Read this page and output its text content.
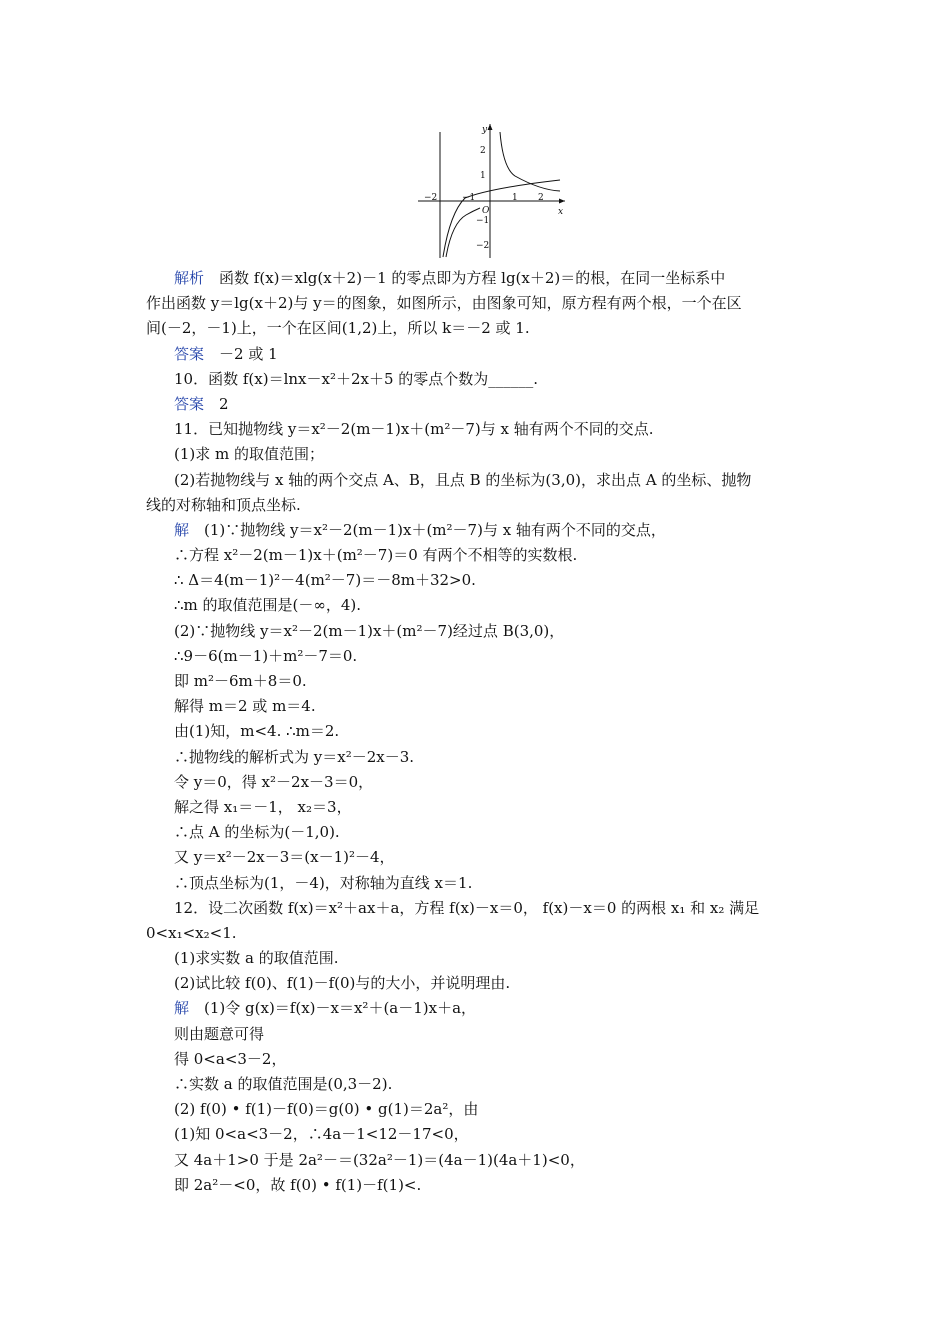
−2	−1	1 2
x
y
2
1
−1
−2
O
解析　函数 f(x)＝xlg(x＋2)－1 的零点即为方程 lg(x＋2)＝的根，在同一坐标系中
作出函数 y＝lg(x＋2)与 y＝的图象，如图所示，由图象可知，原方程有两个根，一个在区
间(－2，－1)上，一个在区间(1,2)上，所以 k＝－2 或 1.
答案　－2 或 1
10．函数 f(x)＝lnx－x²＋2x＋5 的零点个数为______.
答案　2
11．已知抛物线 y＝x²－2(m－1)x＋(m²－7)与 x 轴有两个不同的交点.
(1)求 m 的取值范围；
(2)若抛物线与 x 轴的两个交点 A、B，且点 B 的坐标为(3,0)，求出点 A 的坐标、抛物
线的对称轴和顶点坐标.
解　(1)∵抛物线 y＝x²－2(m－1)x＋(m²－7)与 x 轴有两个不同的交点，
∴方程 x²－2(m－1)x＋(m²－7)＝0 有两个不相等的实数根.
∴ Δ＝4(m－1)²－4(m²－7)＝－8m＋32>0.
∴m 的取值范围是(－∞，4).
(2)∵抛物线 y＝x²－2(m－1)x＋(m²－7)经过点 B(3,0)，
∴9－6(m－1)＋m²－7＝0.
即 m²－6m＋8＝0.
解得 m＝2 或 m＝4.
由(1)知，m<4. ∴m＝2.
∴抛物线的解析式为 y＝x²－2x－3.
令 y＝0，得 x²－2x－3＝0，
解之得 x₁＝－1， x₂＝3，
∴点 A 的坐标为(－1,0).
又 y＝x²－2x－3＝(x－1)²－4，
∴顶点坐标为(1，－4)，对称轴为直线 x＝1.
12．设二次函数 f(x)＝x²＋ax＋a，方程 f(x)－x＝0， f(x)－x＝0 的两根 x₁ 和 x₂ 满足
0<x₁<x₂<1.
(1)求实数 a 的取值范围.
(2)试比较 f(0)、f(1)－f(0)与的大小，并说明理由.
解　(1)令 g(x)＝f(x)－x＝x²＋(a－1)x＋a，
则由题意可得
得 0<a<3－2，
∴实数 a 的取值范围是(0,3－2).
(2) f(0) • f(1)－f(0)＝g(0) • g(1)＝2a²，由
(1)知 0<a<3－2，∴4a－1<12－17<0，
又 4a＋1>0 于是 2a²－＝(32a²－1)＝(4a－1)(4a＋1)<0，
即 2a²－<0，故 f(0) • f(1)－f(1)<.
